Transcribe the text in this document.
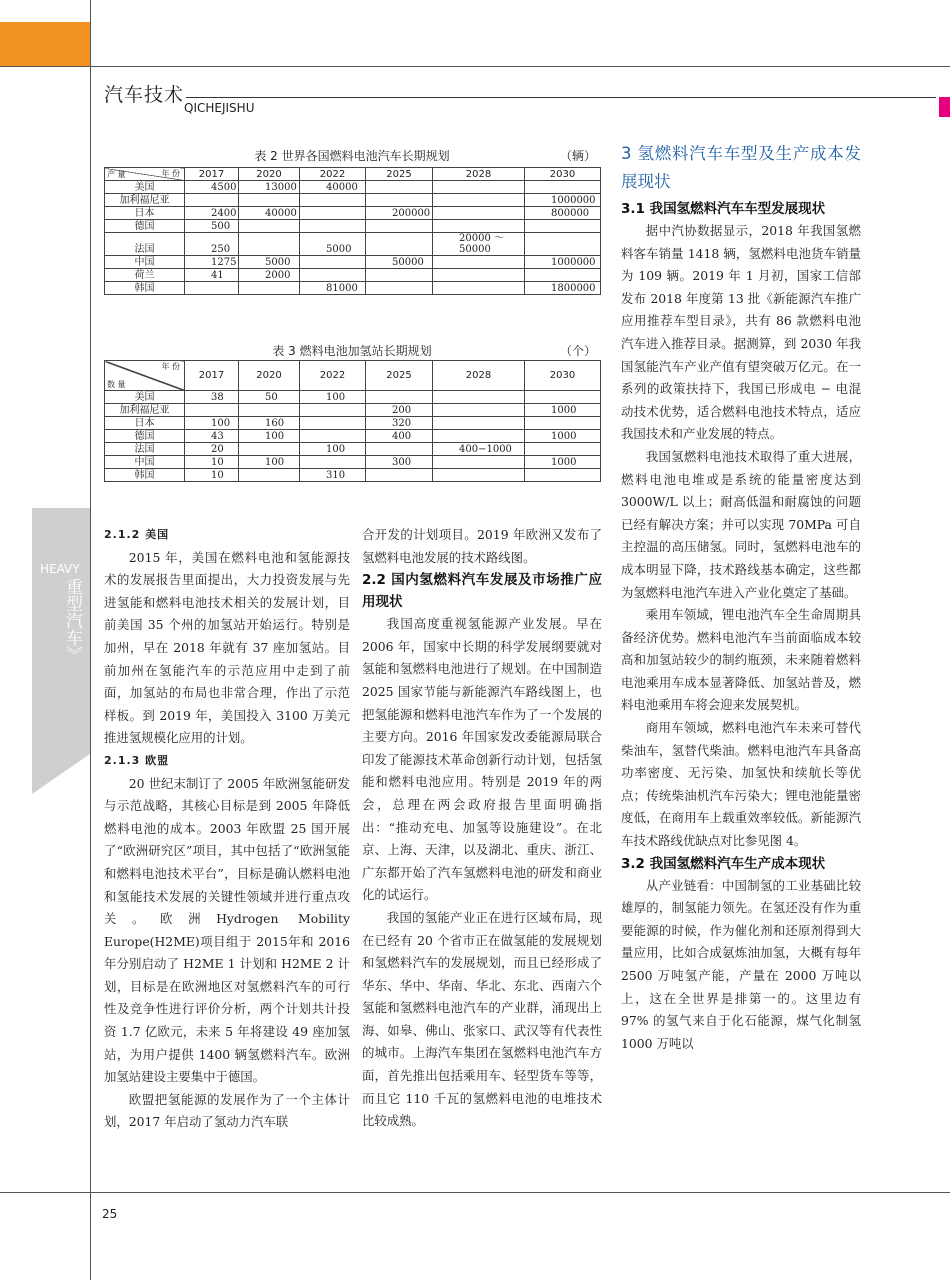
汽车技术
QICHEJISHU
HEAVY
重型汽车》
表 2 世界各国燃料电池汽车长期规划	（辆）
年 份
产 量	2017	2020	2022	2025	2028	2030
美国	4500	13000	40000			
加利福尼亚						1000000
日本	2400	40000		200000		800000
德国	500					
法国	250		5000		20000 ～ 50000	
中国	1275	5000		50000		1000000
荷兰	41	2000				
韩国			81000			1800000
表 3 燃料电池加氢站长期规划	（个）
年 份
数 量	2017	2020	2022	2025	2028	2030
美国	38	50	100			
加利福尼亚				200		1000
日本	100	160		320		
德国	43	100		400		1000
法国	20		100		400−1000	
中国	10	100		300		1000
韩国	10		310			
2.1.2 美国

2015 年，美国在燃料电池和氢能源技术的发展报告里面提出，大力投资发展与先进氢能和燃料电池技术相关的发展计划，目前美国 35 个州的加氢站开始运行。特别是加州，早在 2018 年就有 37 座加氢站。目前加州在氢能汽车的示范应用中走到了前面，加氢站的布局也非常合理，作出了示范样板。到 2019 年，美国投入 3100 万美元推进氢规模化应用的计划。

2.1.3 欧盟

20 世纪末制订了 2005 年欧洲氢能研发与示范战略，其核心目标是到 2005 年降低燃料电池的成本。2003 年欧盟 25 国开展了“欧洲研究区”项目，其中包括了“欧洲氢能和燃料电池技术平台”，目标是确认燃料电池和氢能技术发展的关键性领域并进行重点攻关。欧洲Hydrogen Mobility Europe(H2ME)项目组于 2015年和 2016年分别启动了 H2ME 1 计划和 H2ME 2 计划，目标是在欧洲地区对氢燃料汽车的可行性及竞争性进行评价分析，两个计划共计投资 1.7 亿欧元，未来 5 年将建设 49 座加氢站，为用户提供 1400 辆氢燃料汽车。欧洲加氢站建设主要集中于德国。

欧盟把氢能源的发展作为了一个主体计划，2017 年启动了氢动力汽车联

合开发的计划项目。2019 年欧洲又发布了氢燃料电池发展的技术路线图。
2.2 国内氢燃料汽车发展及市场推广应用现状

我国高度重视氢能源产业发展。早在 2006 年，国家中长期的科学发展纲要就对氢能和氢燃料电池进行了规划。在中国制造 2025 国家节能与新能源汽车路线图上，也把氢能源和燃料电池汽车作为了一个发展的主要方向。2016 年国家发改委能源局联合印发了能源技术革命创新行动计划，包括氢能和燃料电池应用。特别是 2019 年的两会，总理在两会政府报告里面明确指出：“推动充电、加氢等设施建设”。在北京、上海、天津，以及湖北、重庆、浙江、广东都开始了汽车氢燃料电池的研发和商业化的试运行。

我国的氢能产业正在进行区域布局，现在已经有 20 个省市正在做氢能的发展规划和氢燃料汽车的发展规划，而且已经形成了华东、华中、华南、华北、东北、西南六个氢能和氢燃料电池汽车的产业群，涌现出上海、如皋、佛山、张家口、武汉等有代表性的城市。上海汽车集团在氢燃料电池汽车方面，首先推出包括乘用车、轻型货车等等，而且它 110 千瓦的氢燃料电池的电堆技术比较成熟。

3 氢燃料汽车车型及生产成本发展现状
3.1 我国氢燃料汽车车型发展现状

据中汽协数据显示，2018 年我国氢燃料客车销量 1418 辆，氢燃料电池货车销量为 109 辆。2019 年 1 月初，国家工信部发布 2018 年度第 13 批《新能源汽车推广应用推荐车型目录》，共有 86 款燃料电池汽车进入推荐目录。据测算，到 2030 年我国氢能汽车产业产值有望突破万亿元。在一系列的政策扶持下，我国已形成电 − 电混动技术优势，适合燃料电池技术特点，适应我国技术和产业发展的特点。

我国氢燃料电池技术取得了重大进展，燃料电池电堆或是系统的能量密度达到 3000W/L 以上；耐高低温和耐腐蚀的问题已经有解决方案；并可以实现 70MPa 可自主控温的高压储氢。同时，氢燃料电池车的成本明显下降，技术路线基本确定，这些都为氢燃料电池汽车进入产业化奠定了基础。

乘用车领域，锂电池汽车全生命周期具备经济优势。燃料电池汽车当前面临成本较高和加氢站较少的制约瓶颈，未来随着燃料电池乘用车成本显著降低、加氢站普及，燃料电池乘用车将会迎来发展契机。

商用车领域，燃料电池汽车未来可替代柴油车，氢替代柴油。燃料电池汽车具备高功率密度、无污染、加氢快和续航长等优点；传统柴油机汽车污染大；锂电池能量密度低，在商用车上载重效率较低。新能源汽车技术路线优缺点对比参见图 4。

3.2 我国氢燃料汽车生产成本现状

从产业链看：中国制氢的工业基础比较雄厚的，制氢能力领先。在氢还没有作为重要能源的时候，作为催化剂和还原剂得到大量应用，比如合成氨炼油加氢，大概有每年 2500 万吨氢产能，产量在 2000 万吨以上，这在全世界是排第一的。这里边有 97% 的氢气来自于化石能源，煤气化制氢 1000 万吨以

25
